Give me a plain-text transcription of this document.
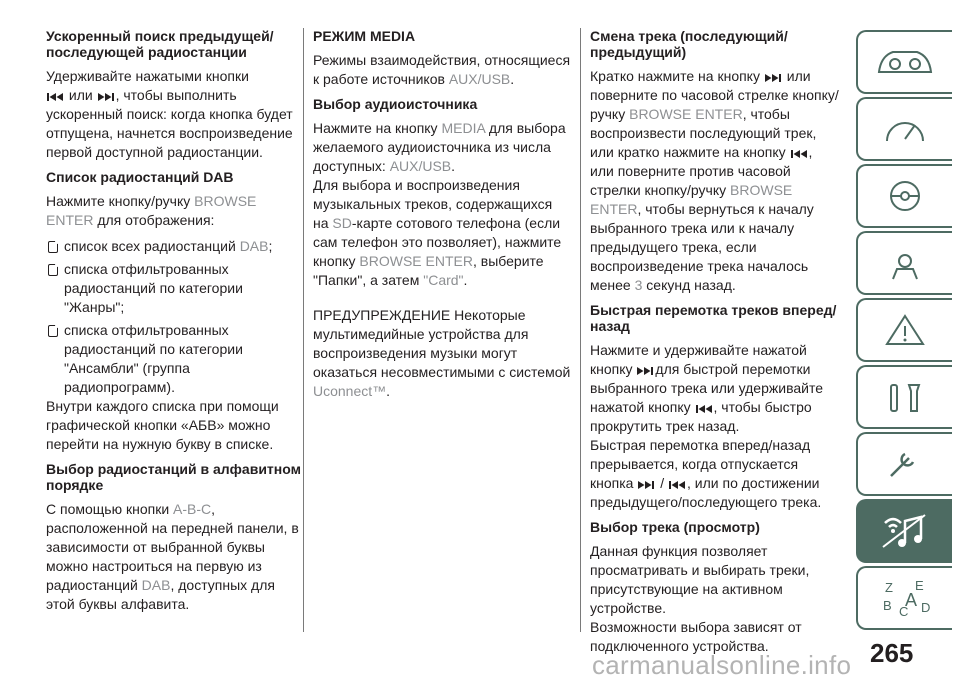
Ускоренный поиск предыдущей/ последующей радиостанции

Удерживайте нажатыми кнопки
или , чтобы выполнить ускоренный поиск: когда кнопка будет отпущена, начнется воспроизведение первой доступной радиостанции.

Список радиостанций DAB

Нажмите кнопку/ручку BROWSE ENTER для отображения:

список всех радиостанций DAB;
списка отфильтрованных радиостанций по категории "Жанры";
списка отфильтрованных радиостанций по категории "Ансамбли" (группа радиопрограмм).

Внутри каждого списка при помощи графической кнопки «АБВ» можно перейти на нужную букву в списке.

Выбор радиостанций в алфавитном порядке

С помощью кнопки A-B-C, расположенной на передней панели, в зависимости от выбранной буквы можно настроиться на первую из радиостанций DAB, доступных для этой буквы алфавита.

РЕЖИМ MEDIA

Режимы взаимодействия, относящиеся к работе источников AUX/USB.

Выбор аудиоисточника

Нажмите на кнопку MEDIA для выбора желаемого аудиоисточника из числа доступных: AUX/USB.

Для выбора и воспроизведения музыкальных треков, содержащихся на SD-карте сотового телефона (если сам телефон это позволяет), нажмите кнопку BROWSE ENTER, выберите "Папки", а затем "Card".

ПРЕДУПРЕЖДЕНИЕ Некоторые мультимедийные устройства для воспроизведения музыки могут оказаться несовместимыми с системой Uconnect™.

Смена трека (последующий/ предыдущий)

Кратко нажмите на кнопку или поверните по часовой стрелке кнопку/ручку BROWSE ENTER, чтобы воспроизвести последующий трек, или кратко нажмите на кнопку , или поверните против часовой стрелки кнопку/ручку BROWSE ENTER, чтобы вернуться к началу выбранного трека или к началу предыдущего трека, если воспроизведение трека началось менее 3 секунд назад.

Быстрая перемотка треков вперед/назад

Нажмите и удерживайте нажатой кнопку для быстрой перемотки выбранного трека или удерживайте нажатой кнопку , чтобы быстро прокрутить трек назад.

Быстрая перемотка вперед/назад прерывается, когда отпускается кнопка / , или по достижении предыдущего/последующего трека.

Выбор трека (просмотр)

Данная функция позволяет просматривать и выбирать треки, присутствующие на активном устройстве.

Возможности выбора зависят от подключенного устройства.

Z E
B C
A D
265
carmanualsonline.info
